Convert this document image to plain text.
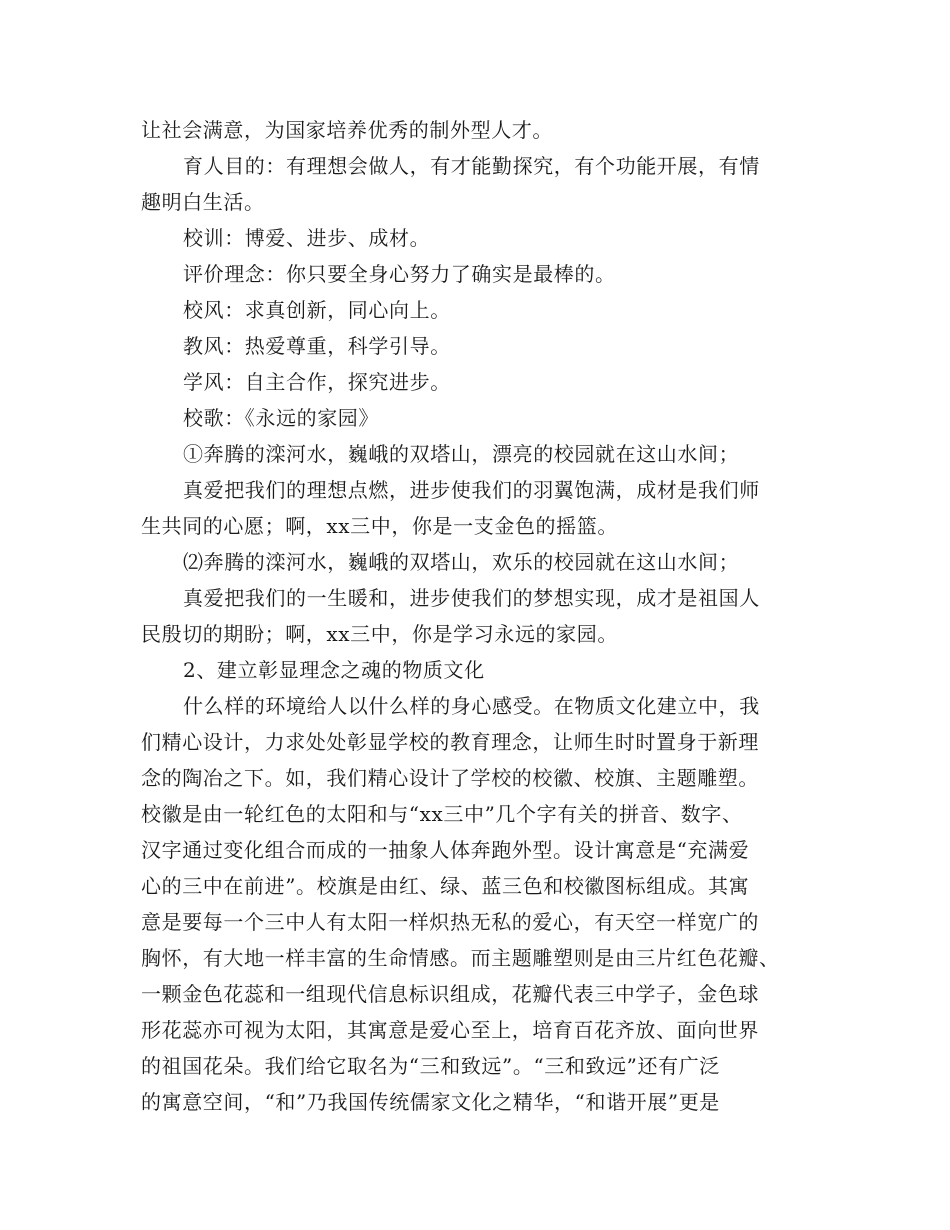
让社会满意，为国家培养优秀的制外型人才。
育人目的：有理想会做人，有才能勤探究，有个功能开展，有情
趣明白生活。
校训：博爱、进步、成材。
评价理念：你只要全身心努力了确实是最棒的。
校风：求真创新，同心向上。
教风：热爱尊重，科学引导。
学风：自主合作，探究进步。
校歌：《永远的家园》
①奔腾的滦河水，巍峨的双塔山，漂亮的校园就在这山水间；
真爱把我们的理想点燃，进步使我们的羽翼饱满，成材是我们师
生共同的心愿；啊，xx三中，你是一支金色的摇篮。
⑵奔腾的滦河水，巍峨的双塔山，欢乐的校园就在这山水间；
真爱把我们的一生暖和，进步使我们的梦想实现，成才是祖国人
民殷切的期盼；啊，xx三中，你是学习永远的家园。
2、建立彰显理念之魂的物质文化
什么样的环境给人以什么样的身心感受。在物质文化建立中，我
们精心设计，力求处处彰显学校的教育理念，让师生时时置身于新理
念的陶冶之下。如，我们精心设计了学校的校徽、校旗、主题雕塑。
校徽是由一轮红色的太阳和与“xx三中”几个字有关的拼音、数字、
汉字通过变化组合而成的一抽象人体奔跑外型。设计寓意是“充满爱
心的三中在前进”。校旗是由红、绿、蓝三色和校徽图标组成。其寓
意是要每一个三中人有太阳一样炽热无私的爱心，有天空一样宽广的
胸怀，有大地一样丰富的生命情感。而主题雕塑则是由三片红色花瓣、
一颗金色花蕊和一组现代信息标识组成，花瓣代表三中学子，金色球
形花蕊亦可视为太阳，其寓意是爱心至上，培育百花齐放、面向世界
的祖国花朵。我们给它取名为“三和致远”。“三和致远”还有广泛
的寓意空间，“和”乃我国传统儒家文化之精华，“和谐开展”更是
